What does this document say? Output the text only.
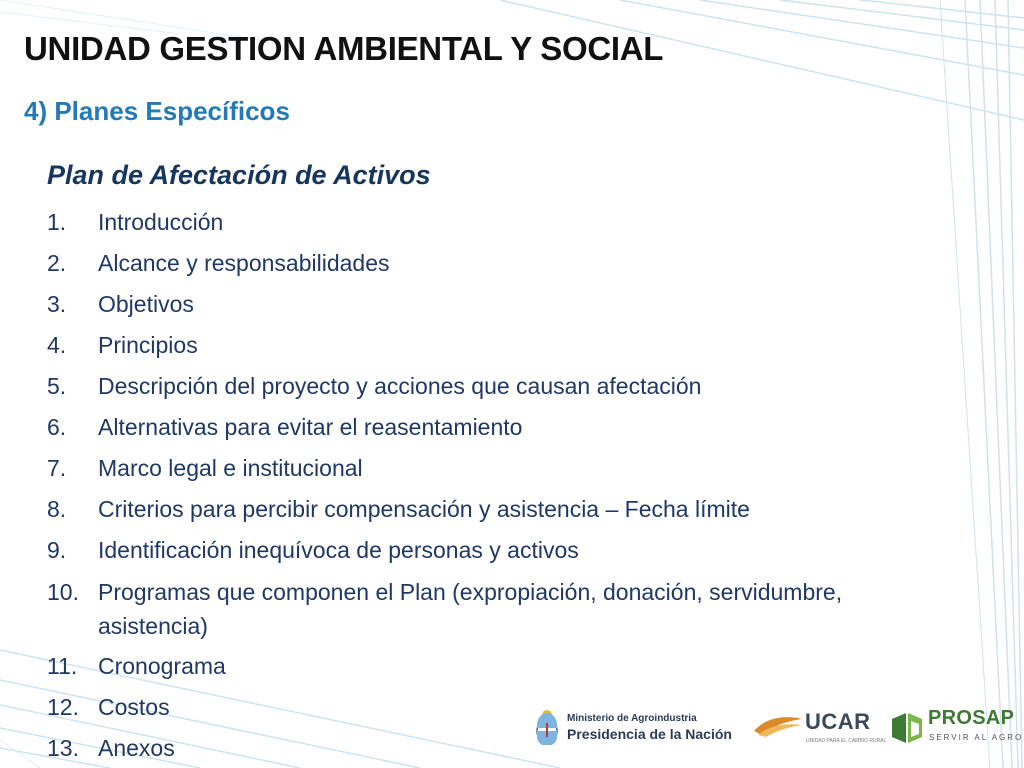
UNIDAD GESTION AMBIENTAL Y SOCIAL
4) Planes Específicos
Plan de Afectación de Activos
1.	Introducción
2.	Alcance y responsabilidades
3.	Objetivos
4.	Principios
5.	Descripción del proyecto y acciones que causan afectación
6.	Alternativas para evitar el reasentamiento
7.	Marco legal e institucional
8.	Criterios para percibir compensación y asistencia – Fecha límite
9.	Identificación inequívoca de personas y activos
10. Programas que componen el Plan (expropiación, donación, servidumbre, asistencia)
11. Cronograma
12. Costos
13. Anexos
Ministerio de Agroindustria
Presidencia de la Nación	UCAR
UNIDAD PARA EL CAMBIO RURAL
PROSAP
SERVIR AL AGRO
